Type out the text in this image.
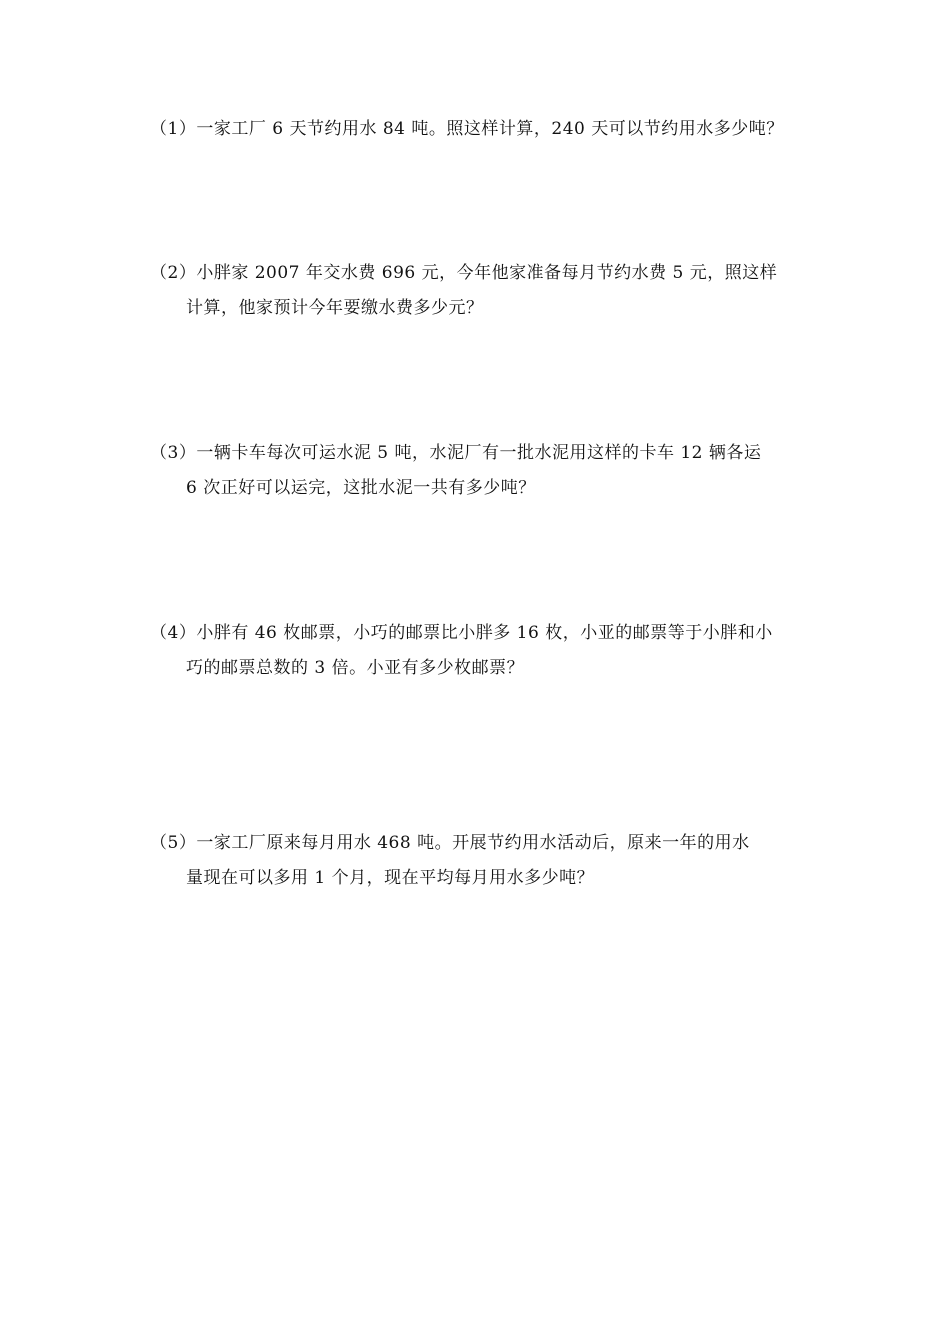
（1）一家工厂 6 天节约用水 84 吨。照这样计算，240 天可以节约用水多少吨？
（2）小胖家 2007 年交水费 696 元，今年他家准备每月节约水费 5 元，照这样
计算，他家预计今年要缴水费多少元？
（3）一辆卡车每次可运水泥 5 吨，水泥厂有一批水泥用这样的卡车 12 辆各运
6 次正好可以运完，这批水泥一共有多少吨？
（4）小胖有 46 枚邮票，小巧的邮票比小胖多 16 枚，小亚的邮票等于小胖和小
巧的邮票总数的 3 倍。小亚有多少枚邮票？
（5）一家工厂原来每月用水 468 吨。开展节约用水活动后，原来一年的用水
量现在可以多用 1 个月，现在平均每月用水多少吨？
